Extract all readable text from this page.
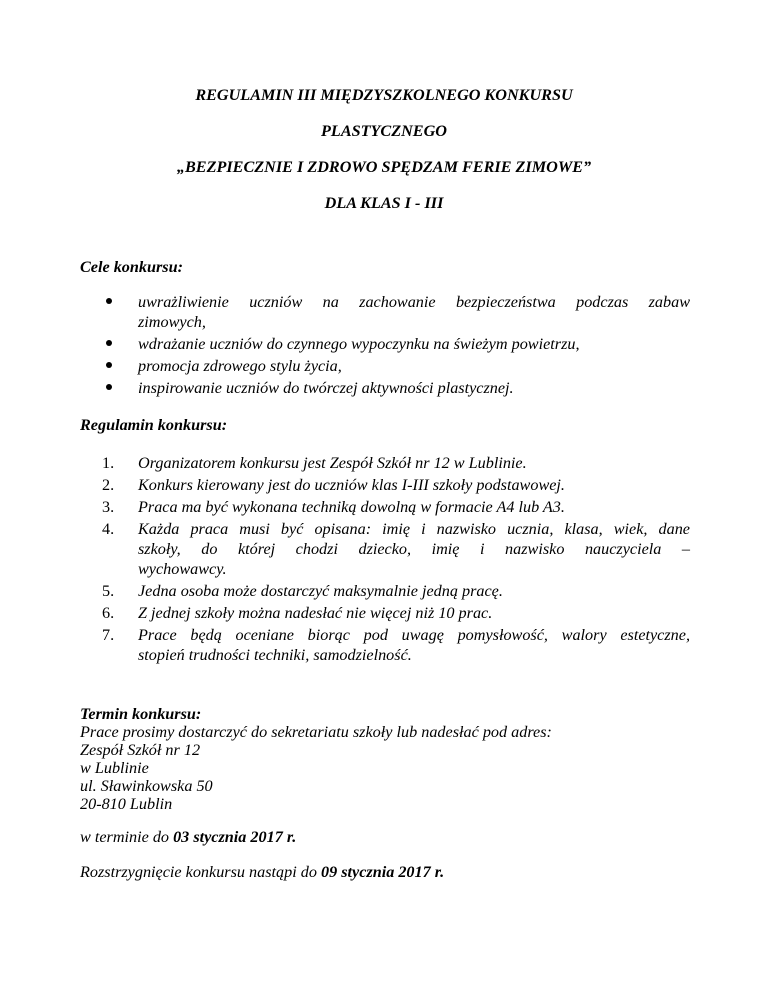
REGULAMIN III MIĘDZYSZKOLNEGO KONKURSU

PLASTYCZNEGO

„BEZPIECZNIE I ZDROWO SPĘDZAM FERIE ZIMOWE”

DLA KLAS I - III

Cele konkursu:

uwrażliwienie uczniów na zachowanie bezpieczeństwa podczas zabaw
zimowych,
wdrażanie uczniów do czynnego wypoczynku na świeżym powietrzu,
promocja zdrowego stylu życia,
inspirowanie uczniów do twórczej aktywności plastycznej.

Regulamin konkursu:

1. Organizatorem konkursu jest Zespół Szkół nr 12 w Lublinie.
2. Konkurs kierowany jest do uczniów klas I-III szkoły podstawowej.
3. Praca ma być wykonana techniką dowolną w formacie A4 lub A3.
4. Każda praca musi być opisana: imię i nazwisko ucznia, klasa, wiek, dane
szkoły, do której chodzi dziecko, imię i nazwisko nauczyciela –
wychowawcy.
5. Jedna osoba może dostarczyć maksymalnie jedną pracę.
6. Z jednej szkoły można nadesłać nie więcej niż 10 prac.
7. Prace będą oceniane biorąc pod uwagę pomysłowość, walory estetyczne,
stopień trudności techniki, samodzielność.
Termin konkursu:
Prace prosimy dostarczyć do sekretariatu szkoły lub nadesłać pod adres:
Zespół Szkół nr 12
w Lublinie
ul. Sławinkowska 50
20-810 Lublin

w terminie do 03 stycznia 2017 r.

Rozstrzygnięcie konkursu nastąpi do 09 stycznia 2017 r.
